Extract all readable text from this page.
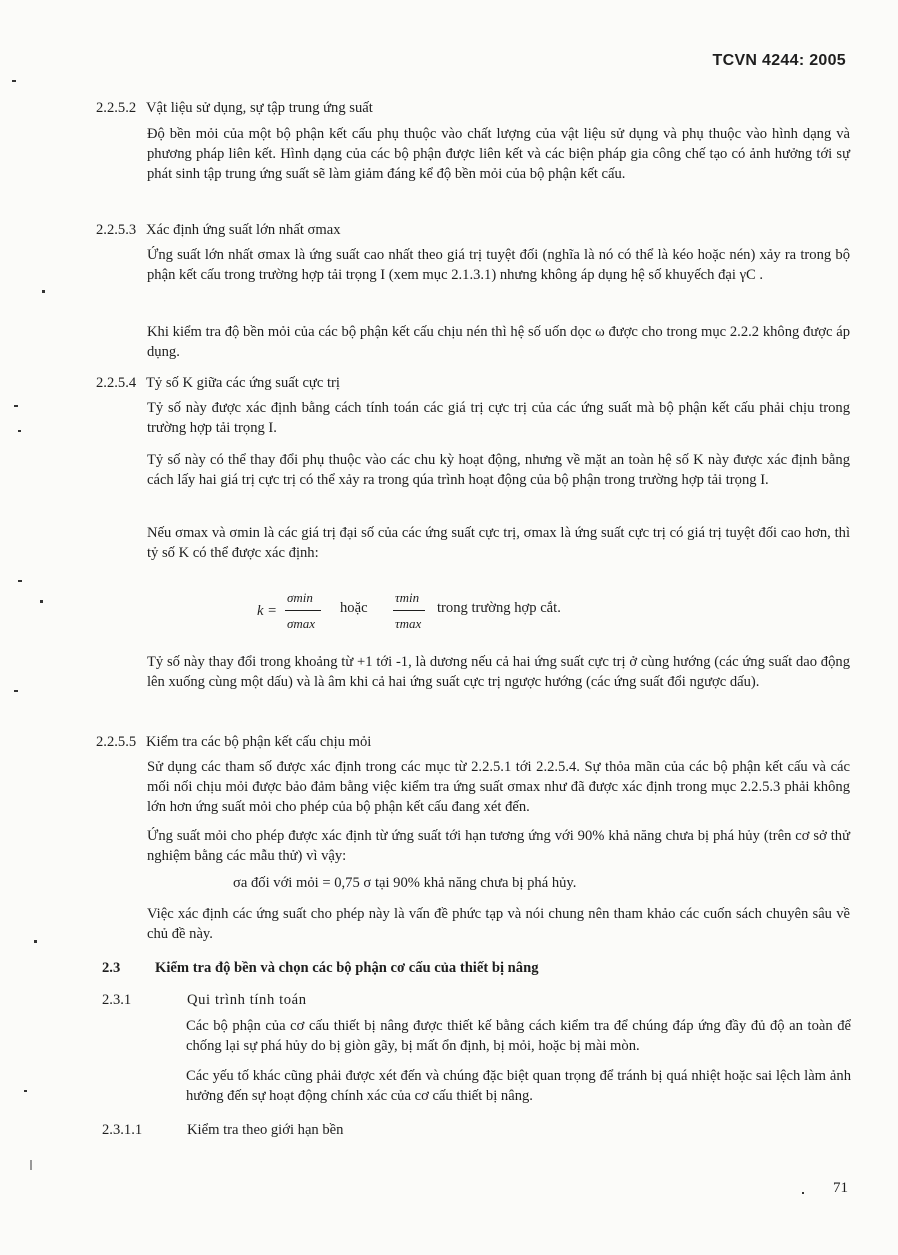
TCVN 4244: 2005
2.2.5.2 Vật liệu sử dụng, sự tập trung ứng suất
Độ bền mỏi của một bộ phận kết cấu phụ thuộc vào chất lượng của vật liệu sử dụng và phụ thuộc vào hình dạng và phương pháp liên kết. Hình dạng của các bộ phận được liên kết và các biện pháp gia công chế tạo có ảnh hưởng tới sự phát sinh tập trung ứng suất sẽ làm giảm đáng kể độ bền mỏi của bộ phận kết cấu.
2.2.5.3 Xác định ứng suất lớn nhất σmax
Ứng suất lớn nhất σmax là ứng suất cao nhất theo giá trị tuyệt đối (nghĩa là nó có thể là kéo hoặc nén) xảy ra trong bộ phận kết cấu trong trường hợp tải trọng I (xem mục 2.1.3.1) nhưng không áp dụng hệ số khuyếch đại γC .
Khi kiểm tra độ bền mỏi của các bộ phận kết cấu chịu nén thì hệ số uốn dọc ω được cho trong mục 2.2.2 không được áp dụng.
2.2.5.4 Tỷ số K giữa các ứng suất cực trị
Tỷ số này được xác định bằng cách tính toán các giá trị cực trị của các ứng suất mà bộ phận kết cấu phải chịu trong trường hợp tải trọng I.
Tỷ số này có thể thay đổi phụ thuộc vào các chu kỳ hoạt động, nhưng về mặt an toàn hệ số K này được xác định bằng cách lấy hai giá trị cực trị có thể xảy ra trong qúa trình hoạt động của bộ phận trong trường hợp tải trọng I.
Nếu σmax và σmin là các giá trị đại số của các ứng suất cực trị, σmax là ứng suất cực trị có giá trị tuyệt đối cao hơn, thì tỷ số K có thể được xác định:
k =
σmin
σmax
hoặc
τmin
τmax
trong trường hợp cắt.
Tỷ số này thay đổi trong khoảng từ +1 tới -1, là dương nếu cả hai ứng suất cực trị ở cùng hướng (các ứng suất dao động lên xuống cùng một dấu) và là âm khi cả hai ứng suất cực trị ngược hướng (các ứng suất đổi ngược dấu).
2.2.5.5 Kiểm tra các bộ phận kết cấu chịu mỏi
Sử dụng các tham số được xác định trong các mục từ 2.2.5.1 tới 2.2.5.4. Sự thỏa mãn của các bộ phận kết cấu và các mối nối chịu mỏi được bảo đảm bằng việc kiểm tra ứng suất σmax như đã được xác định trong mục 2.2.5.3 phải không lớn hơn ứng suất mỏi cho phép của bộ phận kết cấu đang xét đến.
Ứng suất mỏi cho phép được xác định từ ứng suất tới hạn tương ứng với 90% khả năng chưa bị phá hủy (trên cơ sở thử nghiệm bằng các mẫu thử) vì vậy:
σa đối với mỏi = 0,75 σ tại 90% khả năng chưa bị phá hủy.
Việc xác định các ứng suất cho phép này là vấn đề phức tạp và nói chung nên tham khảo các cuốn sách chuyên sâu về chủ đề này.
2.3 Kiểm tra độ bền và chọn các bộ phận cơ cấu của thiết bị nâng
2.3.1	Qui trình tính toán
Các bộ phận của cơ cấu thiết bị nâng được thiết kế bằng cách kiểm tra để chúng đáp ứng đầy đủ độ an toàn để chống lại sự phá hủy do bị giòn gãy, bị mất ổn định, bị mỏi, hoặc bị mài mòn.
Các yếu tố khác cũng phải được xét đến và chúng đặc biệt quan trọng để tránh bị quá nhiệt hoặc sai lệch làm ảnh hưởng đến sự hoạt động chính xác của cơ cấu thiết bị nâng.
2.3.1.1	Kiểm tra theo giới hạn bền
71
